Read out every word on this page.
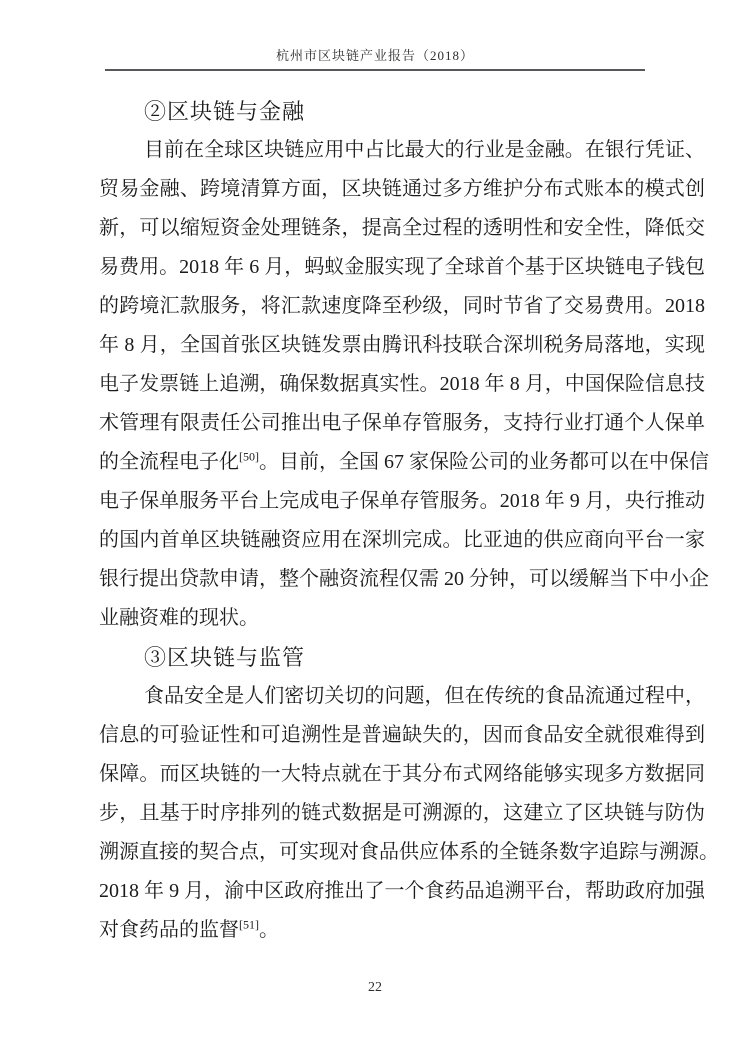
杭州市区块链产业报告（2018）
②区块链与金融
目前在全球区块链应用中占比最大的行业是金融。在银行凭证、
贸易金融、跨境清算方面，区块链通过多方维护分布式账本的模式创
新，可以缩短资金处理链条，提高全过程的透明性和安全性，降低交
易费用。2018 年 6 月，蚂蚁金服实现了全球首个基于区块链电子钱包
的跨境汇款服务，将汇款速度降至秒级，同时节省了交易费用。2018
年 8 月，全国首张区块链发票由腾讯科技联合深圳税务局落地，实现
电子发票链上追溯，确保数据真实性。2018 年 8 月，中国保险信息技
术管理有限责任公司推出电子保单存管服务，支持行业打通个人保单
的全流程电子化[50]。目前，全国 67 家保险公司的业务都可以在中保信
电子保单服务平台上完成电子保单存管服务。2018 年 9 月，央行推动
的国内首单区块链融资应用在深圳完成。比亚迪的供应商向平台一家
银行提出贷款申请，整个融资流程仅需 20 分钟，可以缓解当下中小企
业融资难的现状。
③区块链与监管
食品安全是人们密切关切的问题，但在传统的食品流通过程中，
信息的可验证性和可追溯性是普遍缺失的，因而食品安全就很难得到
保障。而区块链的一大特点就在于其分布式网络能够实现多方数据同
步，且基于时序排列的链式数据是可溯源的，这建立了区块链与防伪
溯源直接的契合点，可实现对食品供应体系的全链条数字追踪与溯源。
2018 年 9 月，渝中区政府推出了一个食药品追溯平台，帮助政府加强
对食药品的监督[51]。
22
